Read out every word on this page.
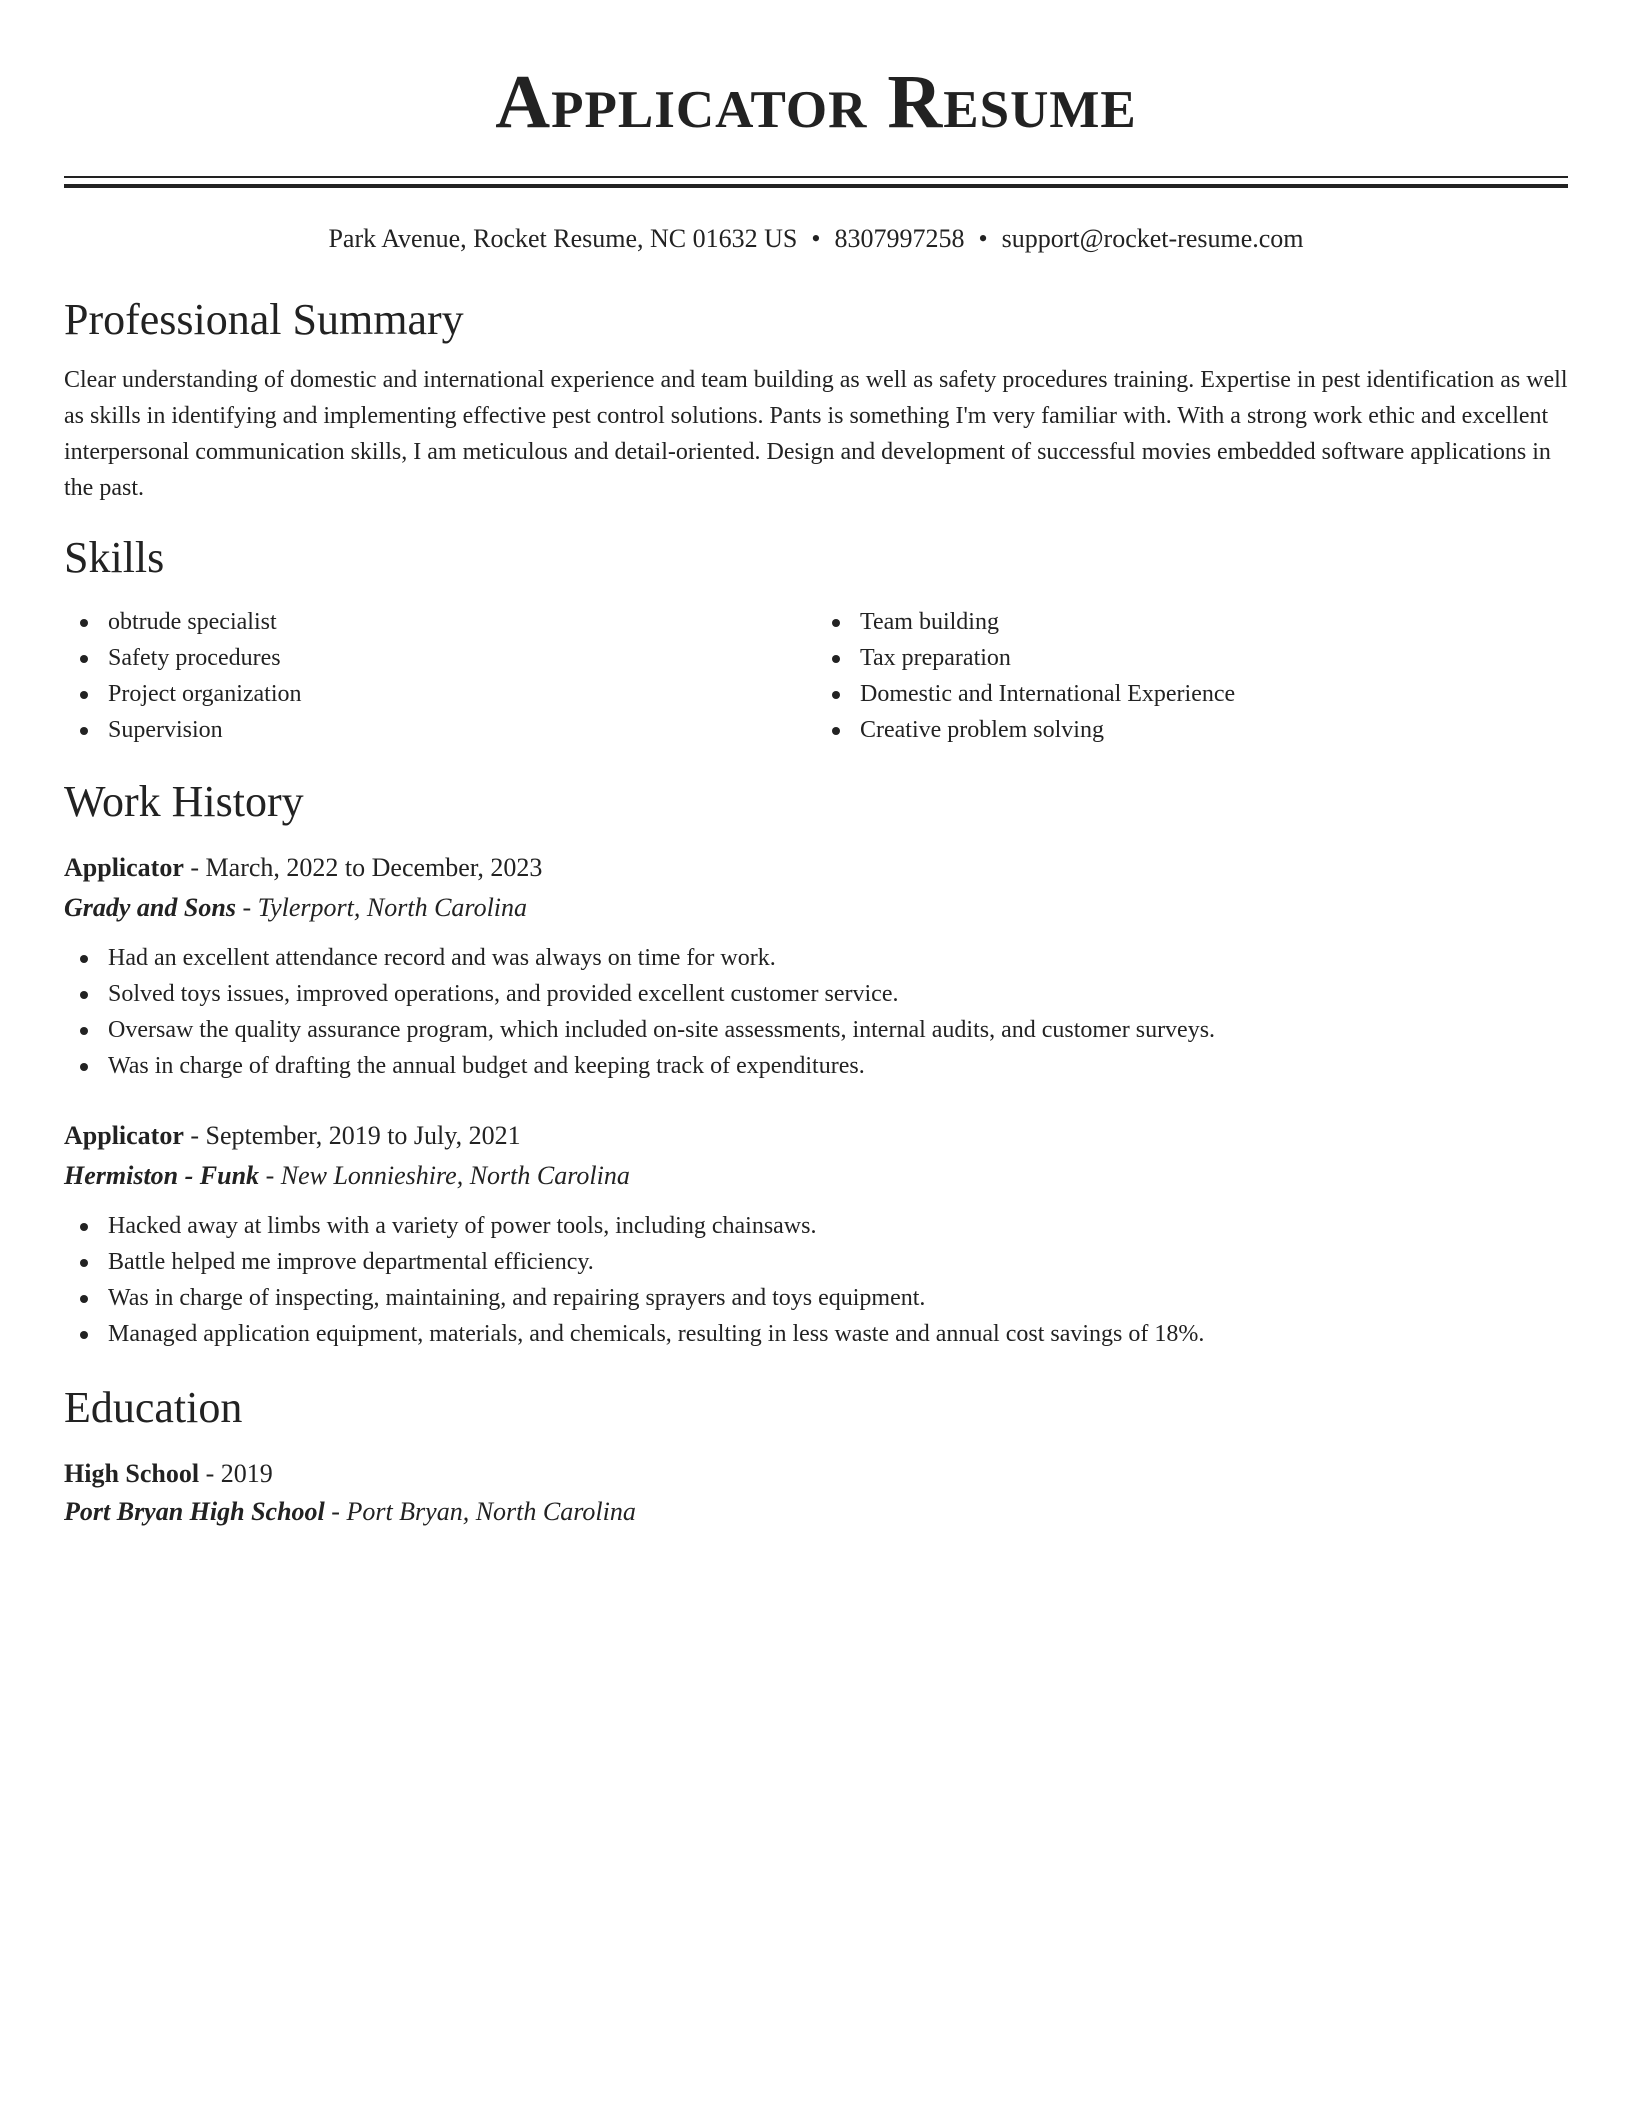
Applicator Resume
Park Avenue, Rocket Resume, NC 01632 US • 8307997258 • support@rocket-resume.com
Professional Summary

Clear understanding of domestic and international experience and team building as well as safety procedures training. Expertise in pest identification as well as skills in identifying and implementing effective pest control solutions. Pants is something I'm very familiar with. With a strong work ethic and excellent interpersonal communication skills, I am meticulous and detail-oriented. Design and development of successful movies embedded software applications in the past.

Skills
obtrude specialist
Safety procedures
Project organization
Supervision
Team building
Tax preparation
Domestic and International Experience
Creative problem solving
Work History
Applicator - March, 2022 to December, 2023
Grady and Sons - Tylerport, North Carolina
Had an excellent attendance record and was always on time for work.
Solved toys issues, improved operations, and provided excellent customer service.
Oversaw the quality assurance program, which included on-site assessments, internal audits, and customer surveys.
Was in charge of drafting the annual budget and keeping track of expenditures.
Applicator - September, 2019 to July, 2021
Hermiston - Funk - New Lonnieshire, North Carolina
Hacked away at limbs with a variety of power tools, including chainsaws.
Battle helped me improve departmental efficiency.
Was in charge of inspecting, maintaining, and repairing sprayers and toys equipment.
Managed application equipment, materials, and chemicals, resulting in less waste and annual cost savings of 18%.
Education
High School - 2019
Port Bryan High School - Port Bryan, North Carolina
